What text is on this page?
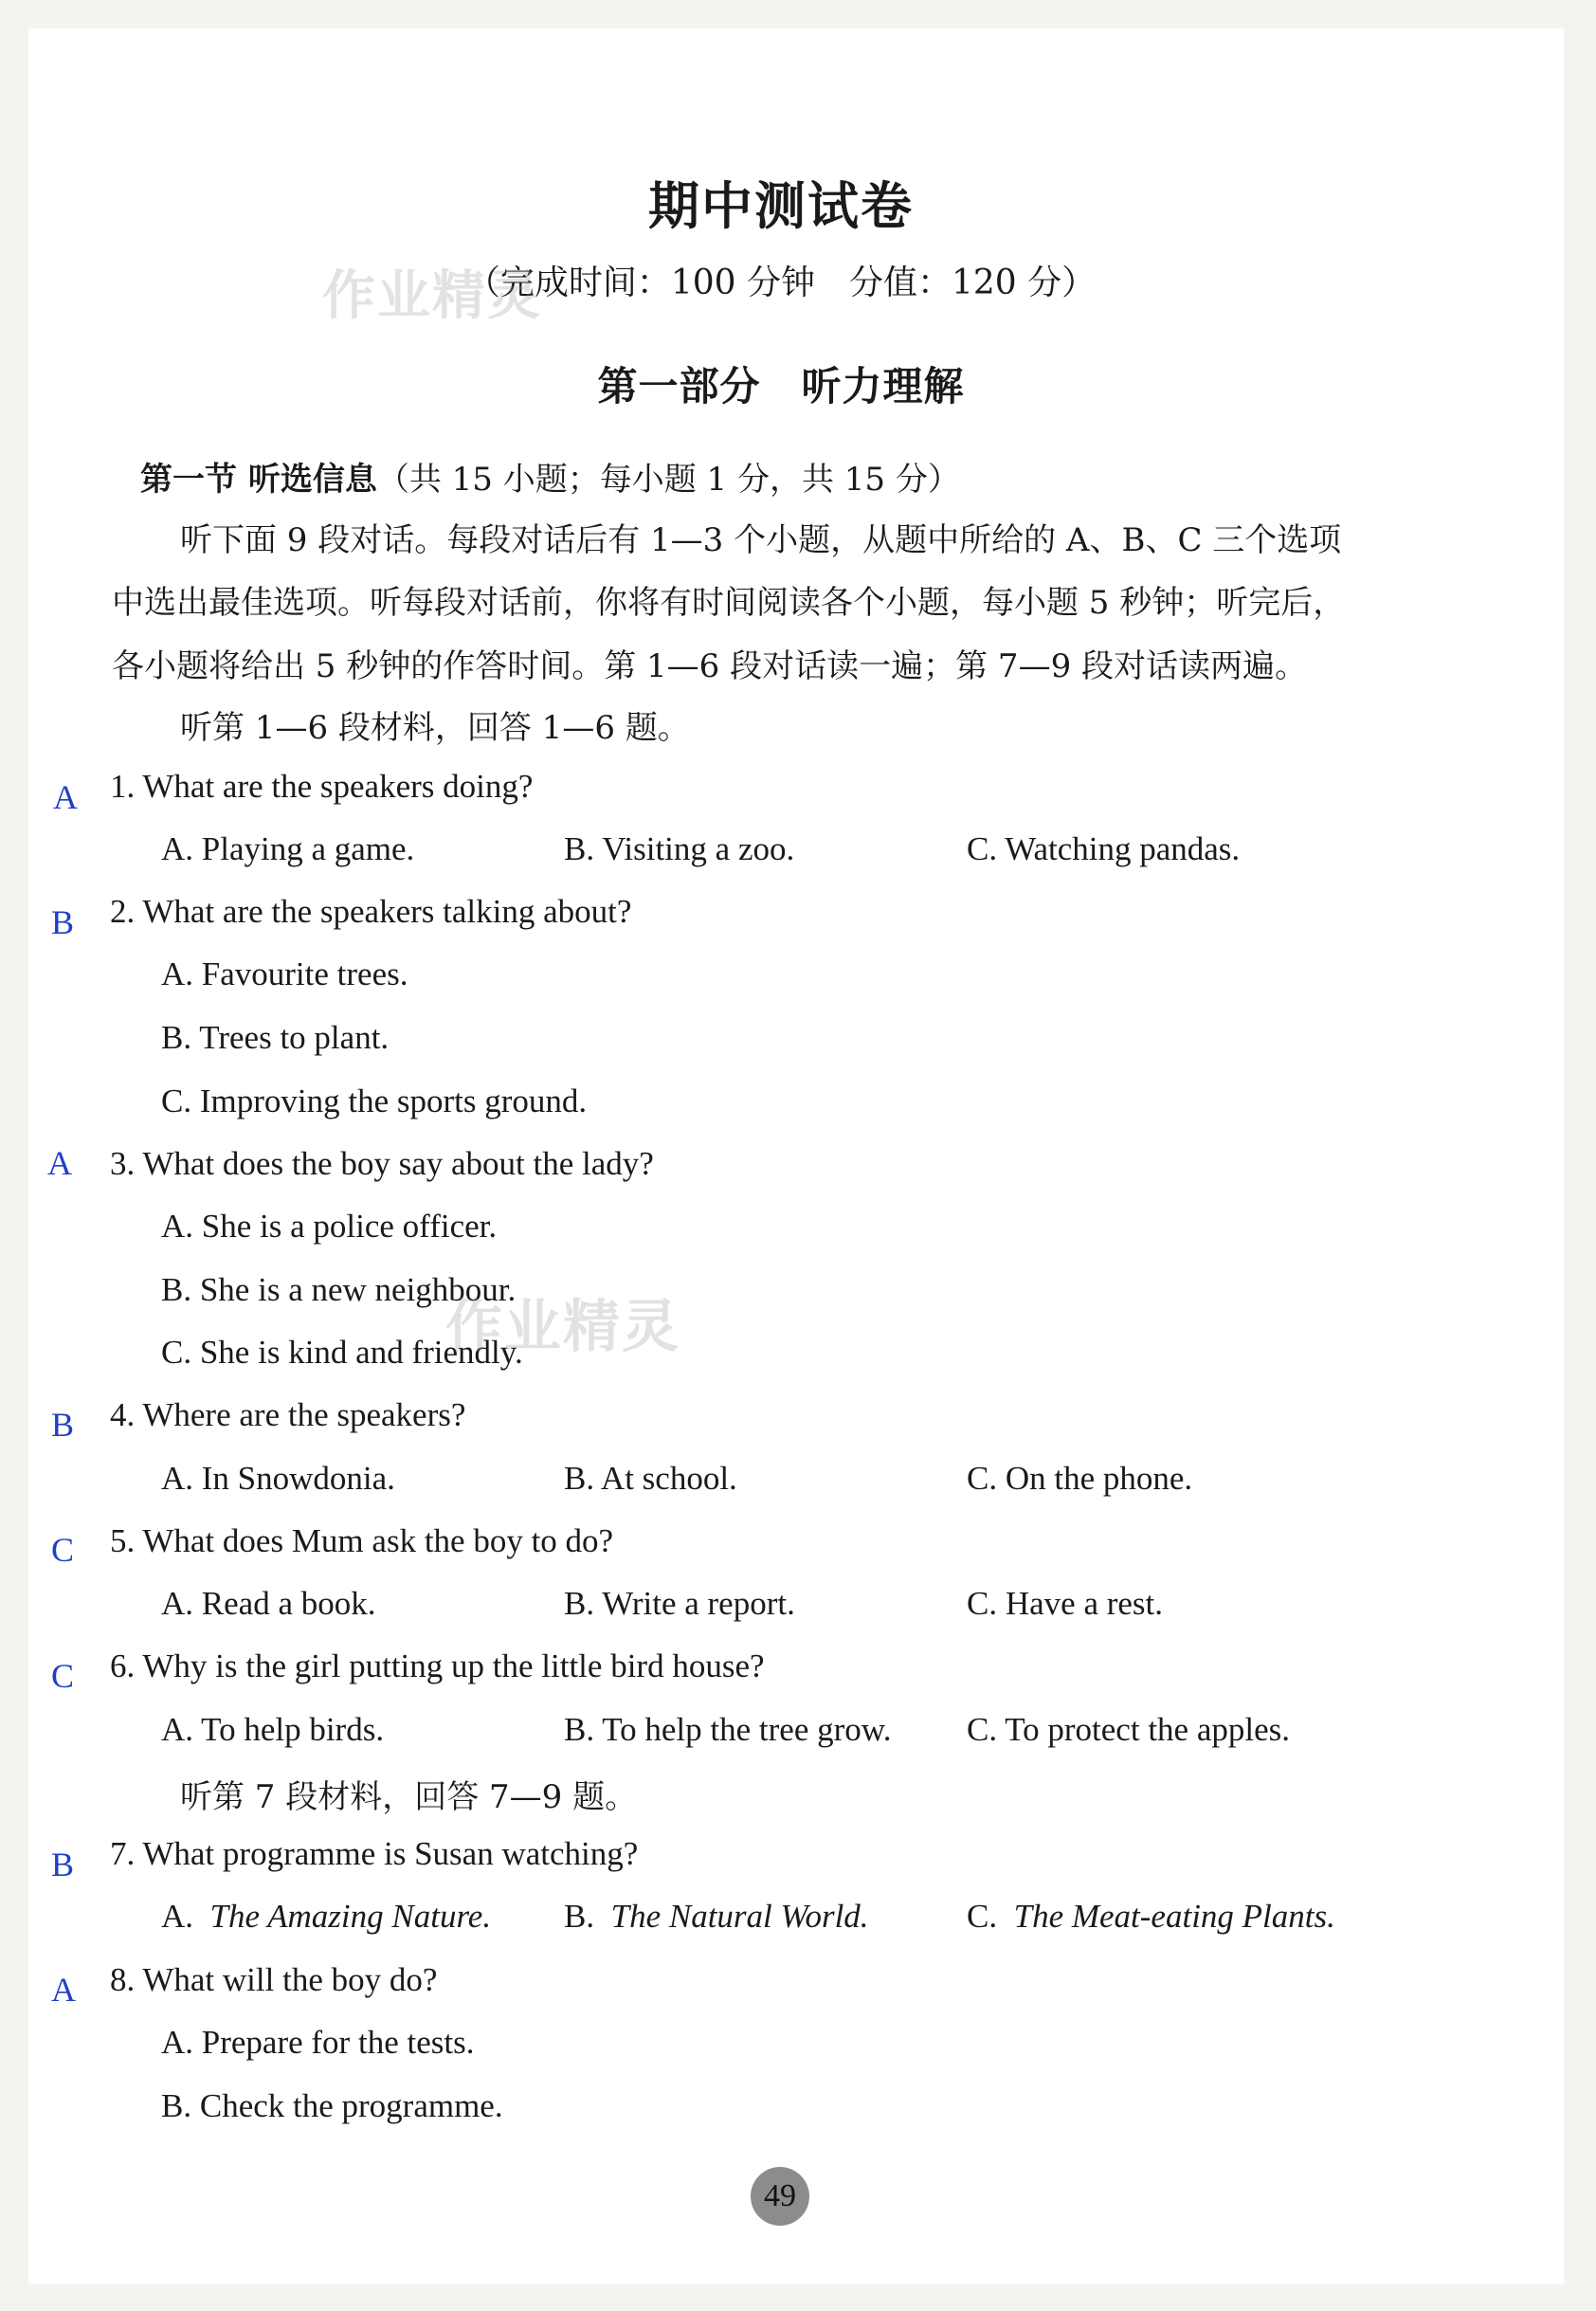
期中测试卷
（完成时间：100 分钟　分值：120 分）
作业精灵
第一部分　听力理解
第一节 听选信息（共 15 小题；每小题 1 分，共 15 分）
听下面 9 段对话。每段对话后有 1—3 个小题，从题中所给的 A、B、C 三个选项
中选出最佳选项。听每段对话前，你将有时间阅读各个小题，每小题 5 秒钟；听完后，
各小题将给出 5 秒钟的作答时间。第 1—6 段对话读一遍；第 7—9 段对话读两遍。
听第 1—6 段材料，回答 1—6 题。
A 1. What are the speakers doing?
A. Playing a game.	B. Visiting a zoo.	C. Watching pandas.
B 2. What are the speakers talking about?
A. Favourite trees.
B. Trees to plant.
C. Improving the sports ground.
A 3. What does the boy say about the lady?
A. She is a police officer.
B. She is a new neighbour.
C. She is kind and friendly.
作业精灵
B 4. Where are the speakers?
A. In Snowdonia.	B. At school.	C. On the phone.
C 5. What does Mum ask the boy to do?
A. Read a book.	B. Write a report.	C. Have a rest.
C 6. Why is the girl putting up the little bird house?
A. To help birds.	B. To help the tree grow. C. To protect the apples.
听第 7 段材料，回答 7—9 题。
B 7. What programme is Susan watching?
A. The Amazing Nature. B. The Natural World.	C. The Meat-eating Plants.
A 8. What will the boy do?
A. Prepare for the tests.
B. Check the programme.
49
